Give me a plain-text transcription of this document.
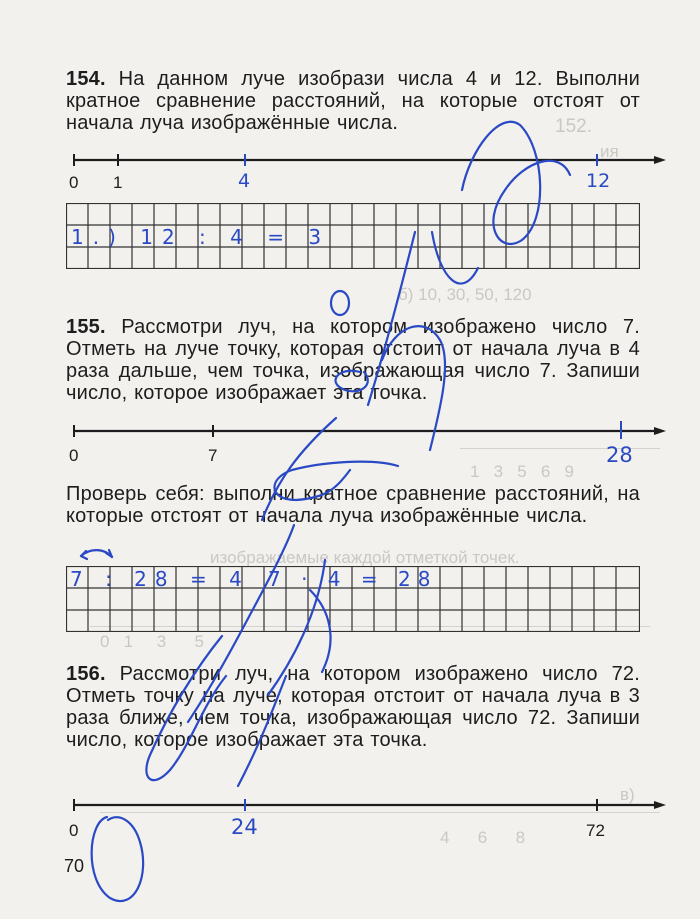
152.
ия
б) 10, 30, 50, 120
1   3   5   6   9
изображаемые каждой отметкой точек.
0   1     3      5
в)
4      6      8
154. На данном луче изобрази числа 4 и 12. Выполни кратное сравнение расстояний, на которые отстоят от начала луча изображённые числа.
0 1	4	12
1.) 12 : 4 = 3
155. Рассмотри луч, на котором изображено число 7. Отметь на луче точку, которая отстоит от начала луча в 4 раза дальше, чем точка, изображающая число 7. Запиши число, которое изображает эта точка.
0	7	28
Проверь себя: выполни кратное сравнение расстояний, на которые отстоят от начала луча изображённые числа.
7 : 28 = 4 7 · 4 = 28
156. Рассмотри луч, на котором изображено число 72. Отметь точку на луче, которая отстоит от начала луча в 3 раза ближе, чем точка, изображающая число 72. Запиши число, которое изображает эта точка.
0	72
24
70
